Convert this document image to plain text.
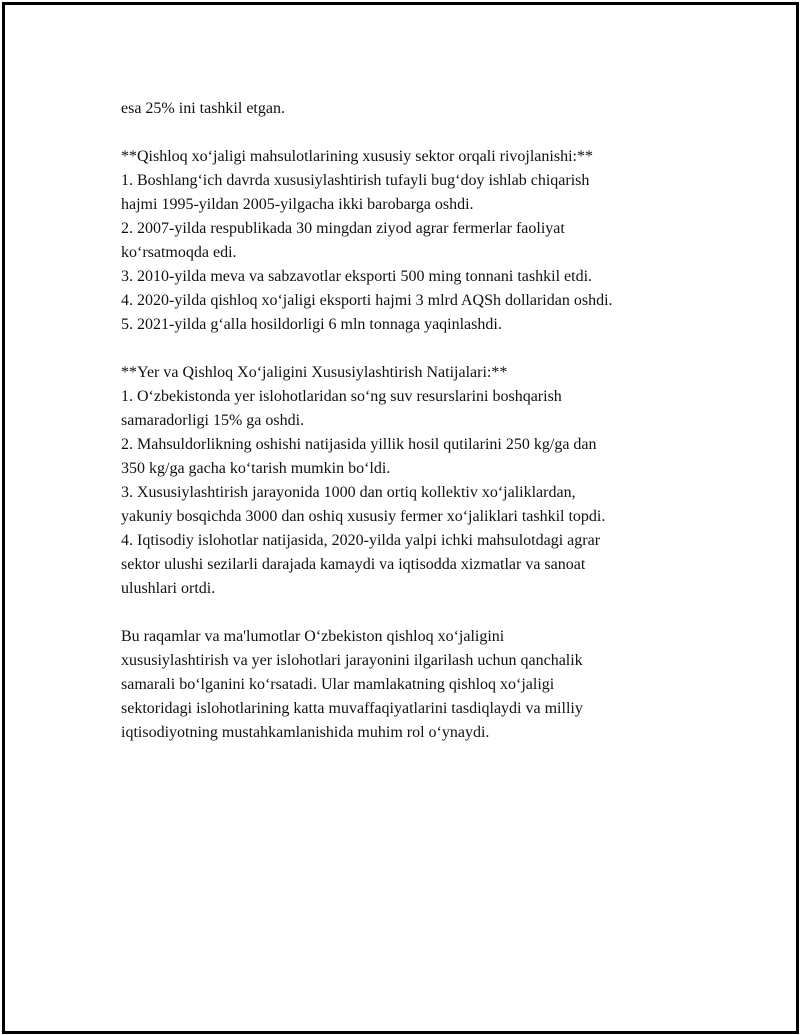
esa 25% ini tashkil etgan.
**Qishloq xo‘jaligi mahsulotlarining xususiy sektor orqali rivojlanishi:**
1. Boshlang‘ich davrda xususiylashtirish tufayli bug‘doy ishlab chiqarish
hajmi 1995-yildan 2005-yilgacha ikki barobarga oshdi.
2. 2007-yilda respublikada 30 mingdan ziyod agrar fermerlar faoliyat
ko‘rsatmoqda edi.
3. 2010-yilda meva va sabzavotlar eksporti 500 ming tonnani tashkil etdi.
4. 2020-yilda qishloq xo‘jaligi eksporti hajmi 3 mlrd AQSh dollaridan oshdi.
5. 2021-yilda g‘alla hosildorligi 6 mln tonnaga yaqinlashdi.
**Yer va Qishloq Xo‘jaligini Xususiylashtirish Natijalari:**
1. O‘zbekistonda yer islohotlaridan so‘ng suv resurslarini boshqarish
samaradorligi 15% ga oshdi.
2. Mahsuldorlikning oshishi natijasida yillik hosil qutilarini 250 kg/ga dan
350 kg/ga gacha ko‘tarish mumkin bo‘ldi.
3. Xususiylashtirish jarayonida 1000 dan ortiq kollektiv xo‘jaliklardan,
yakuniy bosqichda 3000 dan oshiq xususiy fermer xo‘jaliklari tashkil topdi.
4. Iqtisodiy islohotlar natijasida, 2020-yilda yalpi ichki mahsulotdagi agrar
sektor ulushi sezilarli darajada kamaydi va iqtisodda xizmatlar va sanoat
ulushlari ortdi.
Bu raqamlar va ma'lumotlar O‘zbekiston qishloq xo‘jaligini
xususiylashtirish va yer islohotlari jarayonini ilgarilash uchun qanchalik
samarali bo‘lganini ko‘rsatadi. Ular mamlakatning qishloq xo‘jaligi
sektoridagi islohotlarining katta muvaffaqiyatlarini tasdiqlaydi va milliy
iqtisodiyotning mustahkamlanishida muhim rol o‘ynaydi.
